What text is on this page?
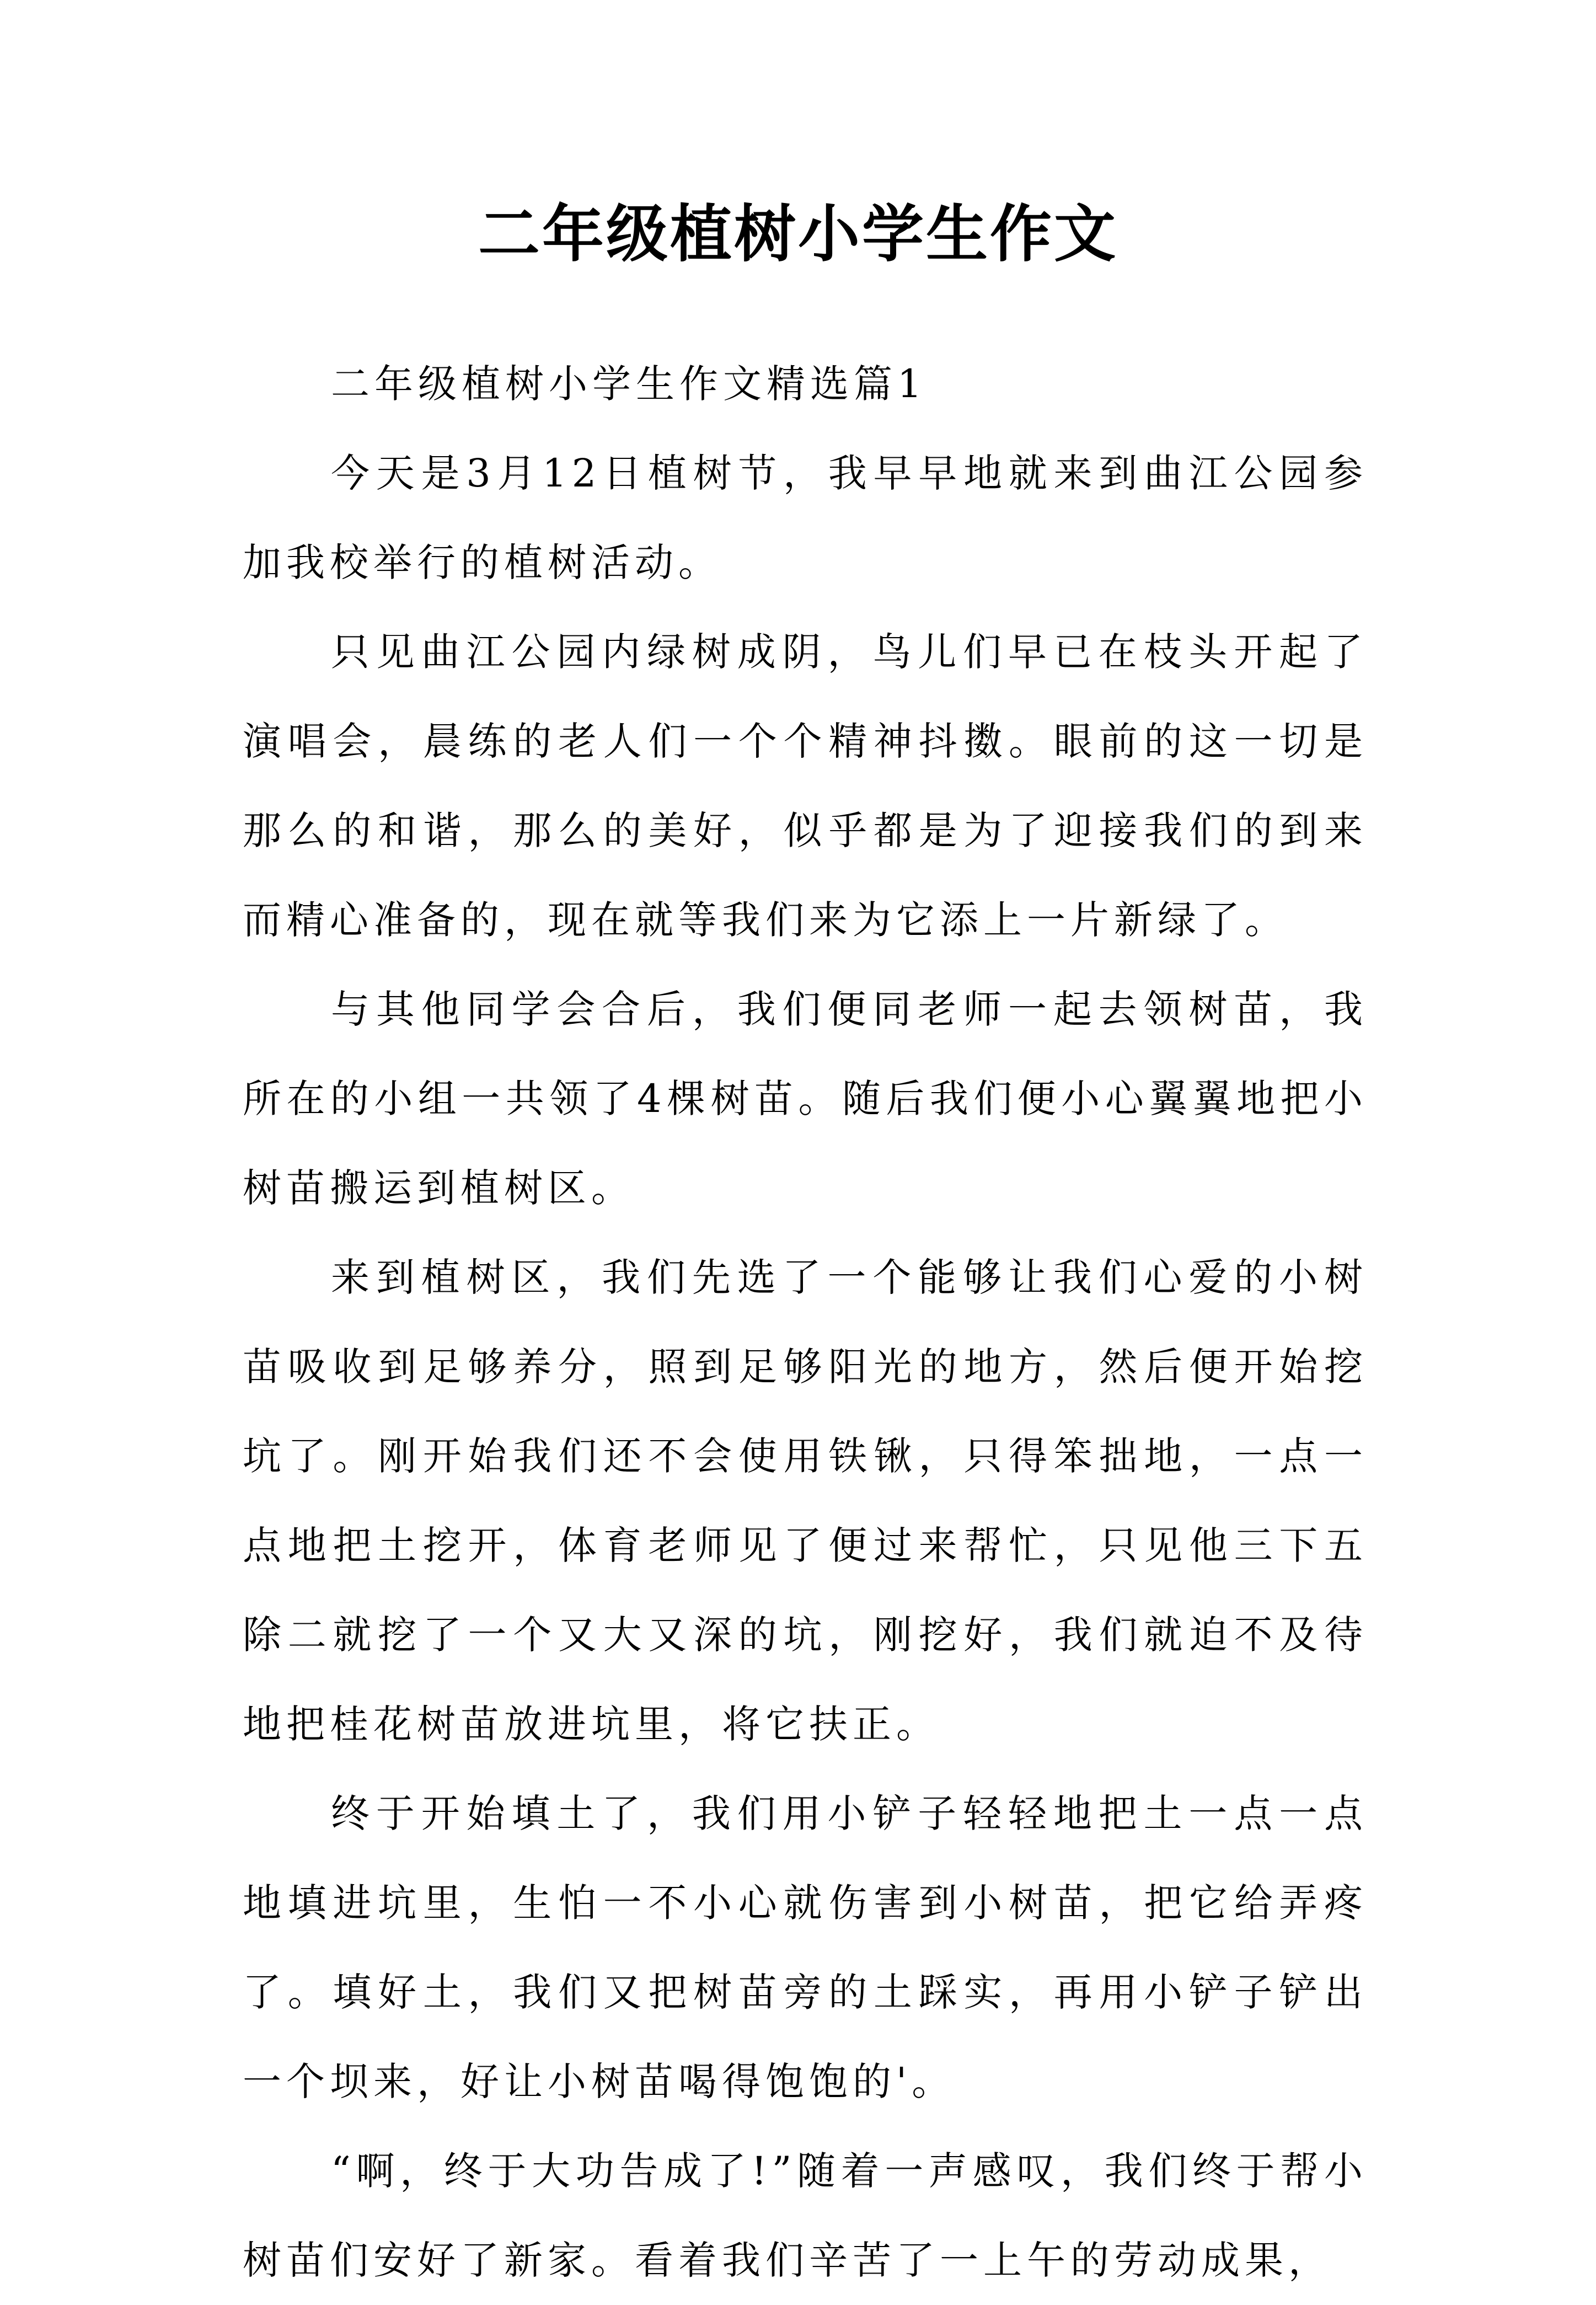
二年级植树小学生作文

二年级植树小学生作文精选篇1

今天是3月12日植树节，我早早地就来到曲江公园参加我校举行的植树活动。

只见曲江公园内绿树成阴，鸟儿们早已在枝头开起了演唱会，晨练的老人们一个个精神抖擞。眼前的这一切是那么的和谐，那么的美好，似乎都是为了迎接我们的到来而精心准备的，现在就等我们来为它添上一片新绿了。

与其他同学会合后，我们便同老师一起去领树苗，我所在的小组一共领了4棵树苗。随后我们便小心翼翼地把小树苗搬运到植树区。

来到植树区，我们先选了一个能够让我们心爱的小树苗吸收到足够养分，照到足够阳光的地方，然后便开始挖坑了。刚开始我们还不会使用铁锹，只得笨拙地，一点一点地把土挖开，体育老师见了便过来帮忙，只见他三下五除二就挖了一个又大又深的坑，刚挖好，我们就迫不及待地把桂花树苗放进坑里，将它扶正。

终于开始填土了，我们用小铲子轻轻地把土一点一点地填进坑里，生怕一不小心就伤害到小树苗，把它给弄疼了。填好土，我们又把树苗旁的土踩实，再用小铲子铲出一个坝来，好让小树苗喝得饱饱的'。

“啊，终于大功告成了!”随着一声感叹，我们终于帮小树苗们安好了新家。看着我们辛苦了一上午的劳动成果，
